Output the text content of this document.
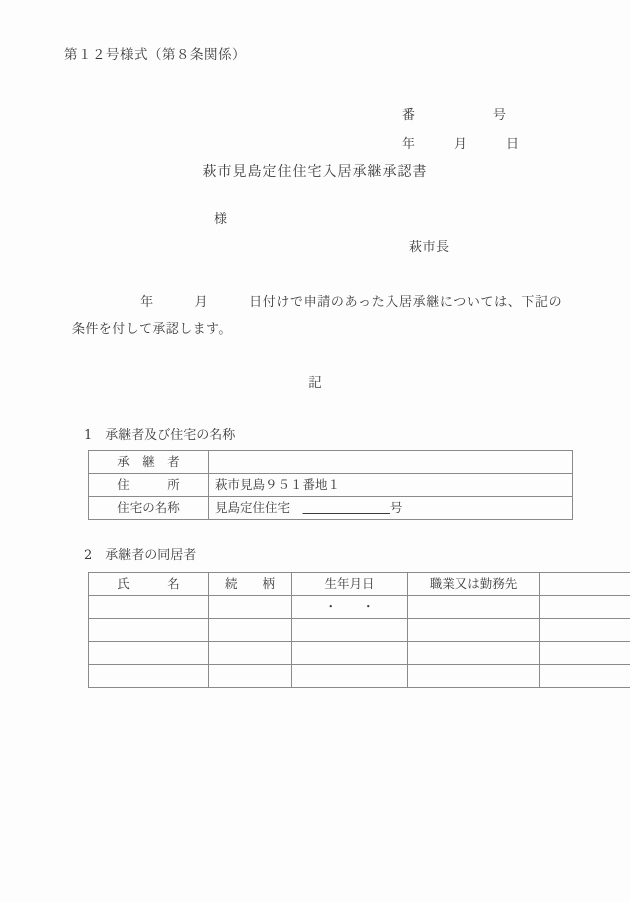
第１２号様式（第８条関係）
番　　　　　　号
年　　　月　　　日
萩市見島定住住宅入居承継承認書
様
萩市長
　　　　　年　　　月　　　日付けで申請のあった入居承継については、下記の条件を付して承認します。
記
1　承継者及び住宅の名称
承　継　者	
住　　　所	萩市見島９５１番地１
住宅の名称	見島定住住宅　＿＿＿＿＿＿＿号
2　承継者の同居者
氏　　　名	続　　柄	生年月日	職業又は勤務先	
		・　　・		
